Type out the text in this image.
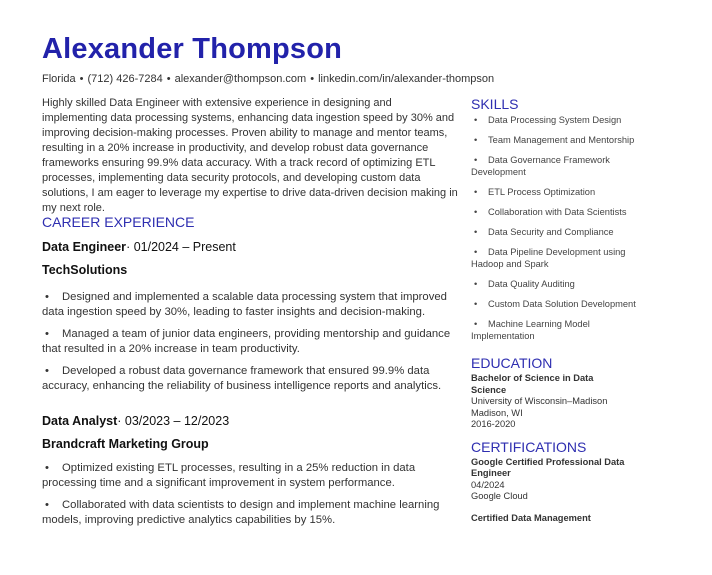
Alexander Thompson
Florida • (712) 426-7284 • alexander@thompson.com • linkedin.com/in/alexander-thompson

Highly skilled Data Engineer with extensive experience in designing and implementing data processing systems, enhancing data ingestion speed by 30% and improving decision-making processes. Proven ability to manage and mentor teams, resulting in a 20% increase in productivity, and develop robust data governance frameworks ensuring 99.9% data accuracy. With a track record of optimizing ETL processes, implementing data security protocols, and developing custom data solutions, I am eager to leverage my expertise to drive data-driven decision making in my next role.

CAREER EXPERIENCE

Data Engineer· 01/2024 – Present

TechSolutions

• Designed and implemented a scalable data processing system that improved data ingestion speed by 30%, leading to faster insights and decision-making.

• Managed a team of junior data engineers, providing mentorship and guidance that resulted in a 20% increase in team productivity.

• Developed a robust data governance framework that ensured 99.9% data accuracy, enhancing the reliability of business intelligence reports and analytics.

Data Analyst· 03/2023 – 12/2023

Brandcraft Marketing Group

• Optimized existing ETL processes, resulting in a 25% reduction in data processing time and a significant improvement in system performance.

• Collaborated with data scientists to design and implement machine learning models, improving predictive analytics capabilities by 15%.

SKILLS

• Data Processing System Design

• Team Management and Mentorship

• Data Governance Framework Development

• ETL Process Optimization

• Collaboration with Data Scientists

• Data Security and Compliance

• Data Pipeline Development using Hadoop and Spark

• Data Quality Auditing

• Custom Data Solution Development

• Machine Learning Model Implementation

EDUCATION

Bachelor of Science in Data Science

University of Wisconsin–Madison

Madison, WI

2016-2020

CERTIFICATIONS

Google Certified Professional Data Engineer

04/2024

Google Cloud

Certified Data Management
